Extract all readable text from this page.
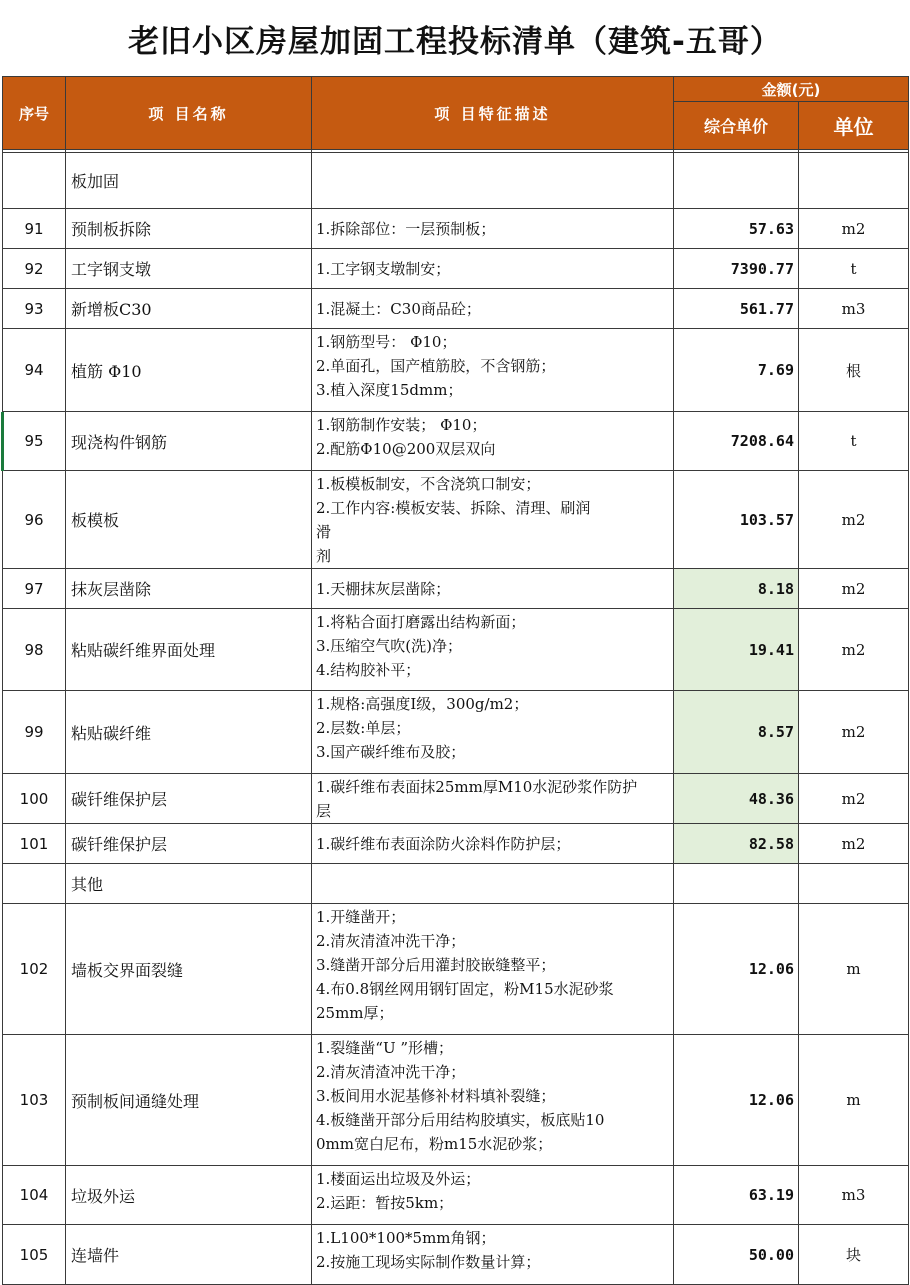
老旧小区房屋加固工程投标清单（建筑-五哥）
序号	项 目名称	项 目特征描述	金额(元)	
			综合单价	单位

	板加固			
91	预制板拆除	1.拆除部位：一层预制板；	57.63	m2
92	工字钢支墩	1.工字钢支墩制安；	7390.77	t
93	新增板C30	1.混凝土：C30商品砼；	561.77	m3
94	植筋 Φ10	1.钢筋型号： Φ10；
2.单面孔，国产植筋胶，不含钢筋；
3.植入深度15dmm；	7.69	根
95	现浇构件钢筋	1.钢筋制作安装； Φ10；
2.配筋Φ10@200双层双向	7208.64	t
96	板模板	1.板模板制安，不含浇筑口制安；
2.工作内容:模板安装、拆除、清理、刷润
滑
剂	103.57	m2
97	抹灰层凿除	1.天棚抹灰层凿除；	8.18	m2
98	粘贴碳纤维界面处理	1.将粘合面打磨露出结构新面；
3.压缩空气吹(洗)净；
4.结构胶补平；	19.41	m2
99	粘贴碳纤维	1.规格:高强度I级，300g/m2；
2.层数:单层；
3.国产碳纤维布及胶；	8.57	m2
100	碳钎维保护层	1.碳纤维布表面抹25mm厚M10水泥砂浆作防护
层	48.36	m2
101	碳钎维保护层	1.碳纤维布表面涂防火涂料作防护层；	82.58	m2
	其他			
102	墙板交界面裂缝	1.开缝凿开；
2.清灰清渣冲洗干净；
3.缝凿开部分后用灌封胶嵌缝整平；
4.布0.8钢丝网用钢钉固定，粉M15水泥砂浆
25mm厚；	12.06	m
103	预制板间通缝处理	1.裂缝凿“U ”形槽；
2.清灰清渣冲洗干净；
3.板间用水泥基修补材料填补裂缝；
4.板缝凿开部分后用结构胶填实，板底贴10
0mm宽白尼布，粉m15水泥砂浆；	12.06	m
104	垃圾外运	1.楼面运出垃圾及外运；
2.运距：暂按5km；	63.19	m3
105	连墙件	1.L100*100*5mm角钢；
2.按施工现场实际制作数量计算；	50.00	块
